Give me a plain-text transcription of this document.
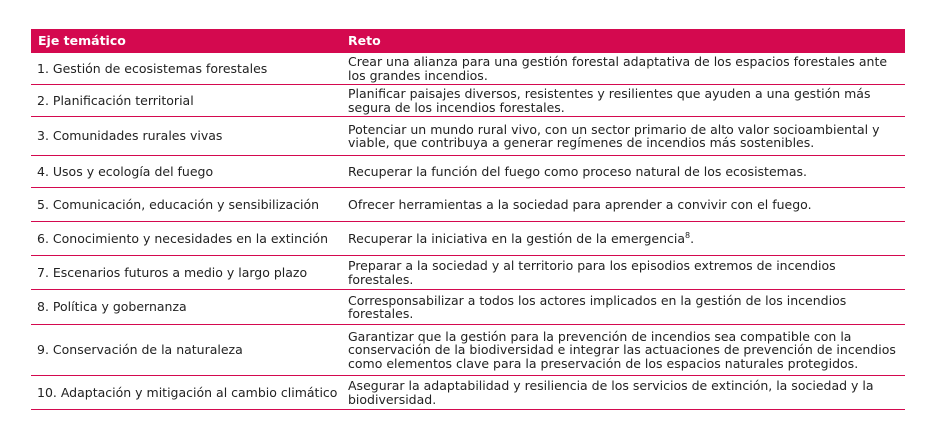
Eje temático	Reto
1. Gestión de ecosistemas forestales	Crear una alianza para una gestión forestal adaptativa de los espacios forestales ante los grandes incendios.
2. Planificación territorial	Planificar paisajes diversos, resistentes y resilientes que ayuden a una gestión más segura de los incendios forestales.
3. Comunidades rurales vivas	Potenciar un mundo rural vivo, con un sector primario de alto valor socioambiental y viable, que contribuya a generar regímenes de incendios más sostenibles.
4. Usos y ecología del fuego	Recuperar la función del fuego como proceso natural de los ecosistemas.
5. Comunicación, educación y sensibilización	Ofrecer herramientas a la sociedad para aprender a convivir con el fuego.
6. Conocimiento y necesidades en la extinción	Recuperar la iniciativa en la gestión de la emergencia$^8$.
7. Escenarios futuros a medio y largo plazo	Preparar a la sociedad y al territorio para los episodios extremos de incendios forestales.
8. Política y gobernanza	Corresponsabilizar a todos los actores implicados en la gestión de los incendios forestales.
9. Conservación de la naturaleza	Garantizar que la gestión para la prevención de incendios sea compatible con la conservación de la biodiversidad e integrar las actuaciones de prevención de incendios como elementos clave para la preservación de los espacios naturales protegidos.
10. Adaptación y mitigación al cambio climático	Asegurar la adaptabilidad y resiliencia de los servicios de extinción, la sociedad y la biodiversidad.
